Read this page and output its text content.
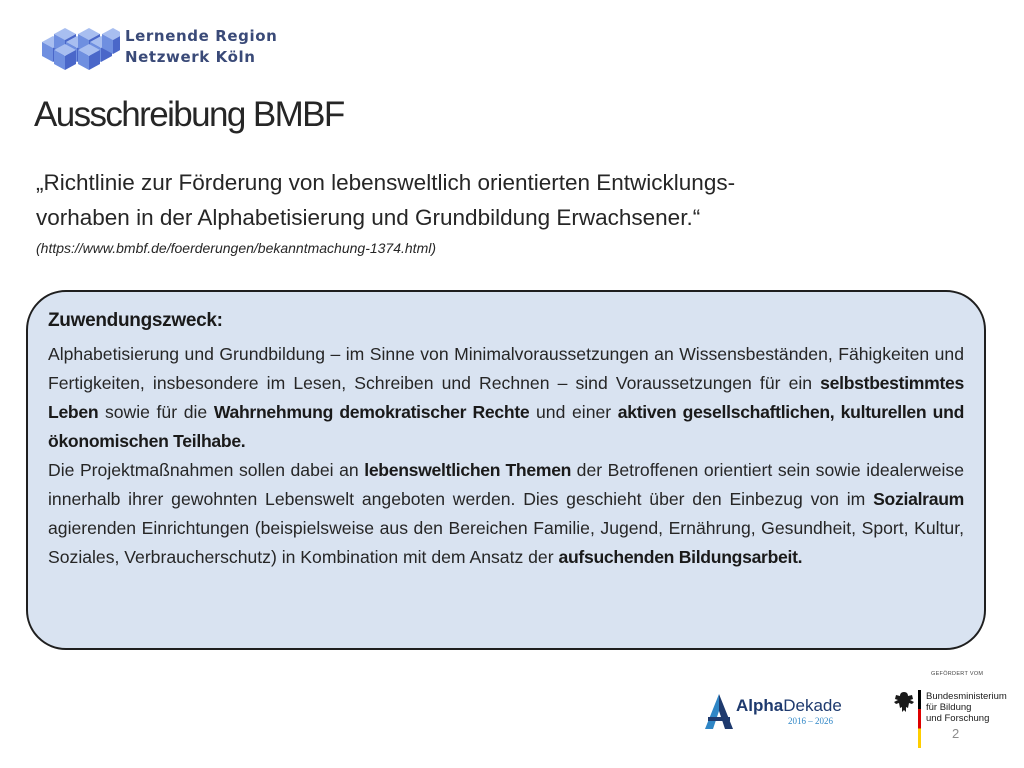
Lernende Region
Netzwerk Köln
Ausschreibung BMBF
„Richtlinie zur Förderung von lebensweltlich orientierten Entwicklungs-
vorhaben in der Alphabetisierung und Grundbildung Erwachsener.“
(https://www.bmbf.de/foerderungen/bekanntmachung-1374.html)
Zuwendungszweck:

Alphabetisierung und Grundbildung – im Sinne von Minimalvoraussetzungen an Wissensbeständen, Fähigkeiten und Fertigkeiten, insbesondere im Lesen, Schreiben und Rechnen – sind Voraussetzungen für ein selbstbestimmtes Leben sowie für die Wahrnehmung demokratischer Rechte und einer aktiven gesellschaftlichen, kulturellen und ökonomischen Teilhabe.

Die Projektmaßnahmen sollen dabei an lebensweltlichen Themen der Betroffenen orientiert sein sowie idealerweise innerhalb ihrer gewohnten Lebenswelt angeboten werden. Dies geschieht über den Einbezug von im Sozialraum agierenden Einrichtungen (beispielsweise aus den Bereichen Familie, Jugend, Ernährung, Gesundheit, Sport, Kultur, Soziales, Verbraucherschutz) in Kombination mit dem Ansatz der aufsuchenden Bildungsarbeit.

GEFÖRDERT VOM
AlphaDekade
2016 – 2026
Bundesministerium
für Bildung
und Forschung
2
